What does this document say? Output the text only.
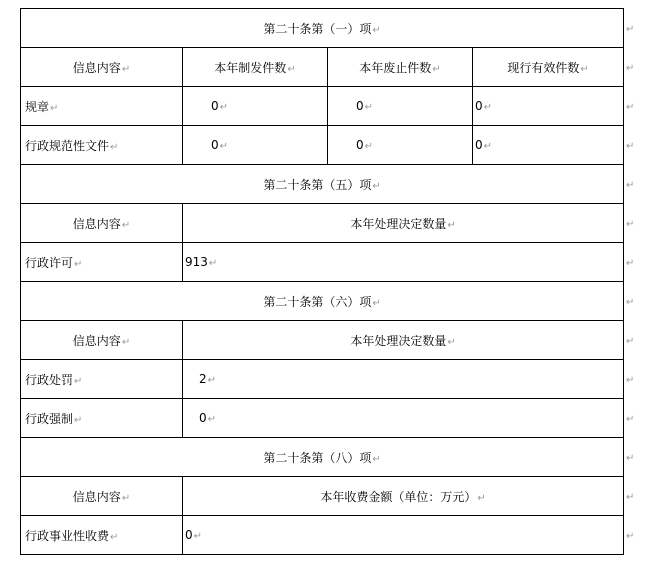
第二十条第（一）项↵			
信息内容↵	本年制发件数↵	本年废止件数↵	现行有效件数↵
规章↵	0↵	0↵	0↵
行政规范性文件↵	0↵	0↵	0↵
第二十条第（五）项↵			
信息内容↵	本年处理决定数量↵		
行政许可↵	913↵		
第二十条第（六）项↵			
信息内容↵	本年处理决定数量↵		
行政处罚↵	2↵		
行政强制↵	0↵		
第二十条第（八）项↵			
信息内容↵	本年收费金额（单位：万元）↵		
行政事业性收费↵	0↵		
↵
↵
↵
↵
↵
↵
↵
↵
↵
↵
↵
↵
↵
↵
